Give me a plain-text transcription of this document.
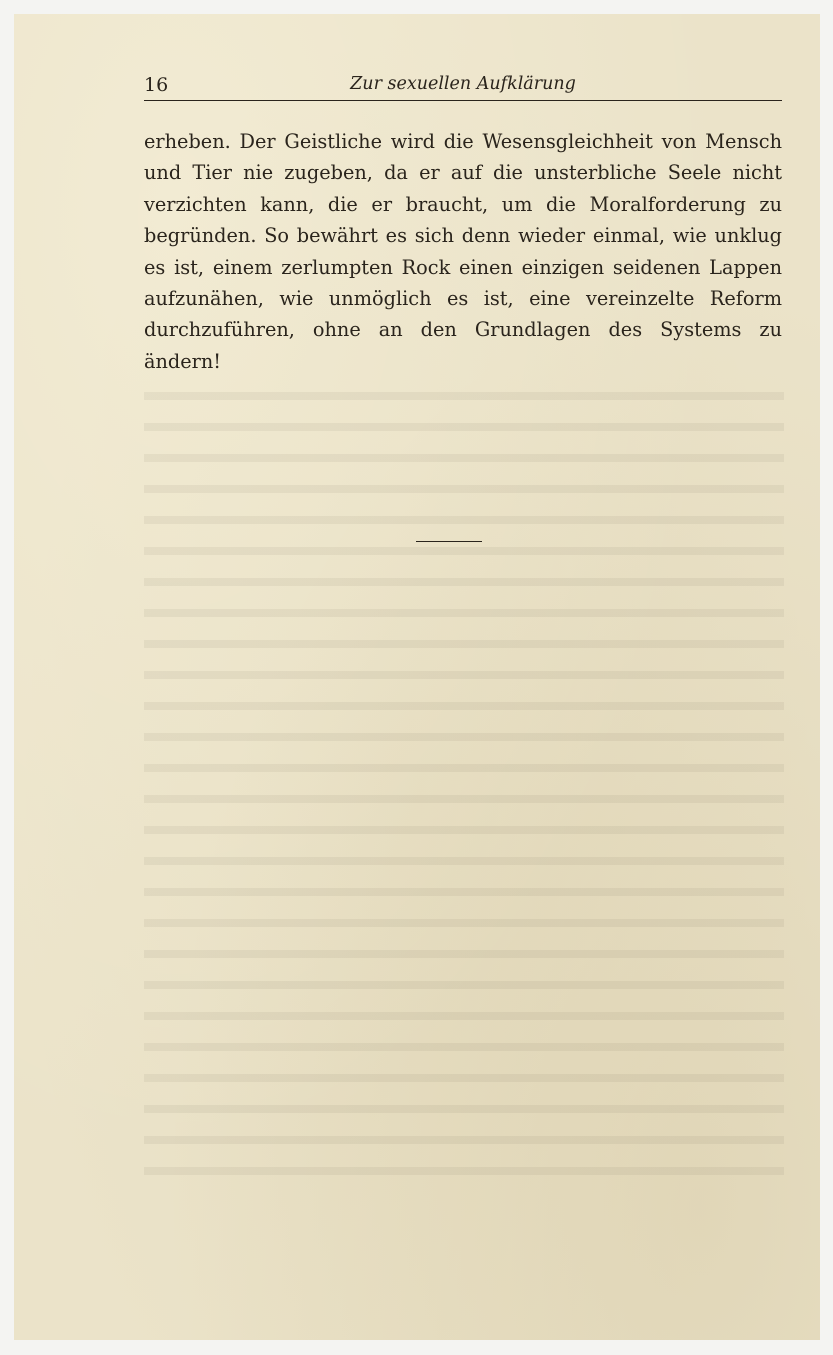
16	Zur sexuellen Aufklärung

erheben. Der Geistliche wird die Wesensgleichheit von Mensch
und Tier nie zugeben, da er auf die unsterbliche Seele nicht
verzichten kann, die er braucht, um die Moralforderung zu
begründen. So bewährt es sich denn wieder einmal, wie unklug
es ist, einem zerlumpten Rock einen einzigen seidenen Lappen
aufzunähen, wie unmöglich es ist, eine vereinzelte Reform
durchzuführen, ohne an den Grundlagen des Systems zu
ändern!
